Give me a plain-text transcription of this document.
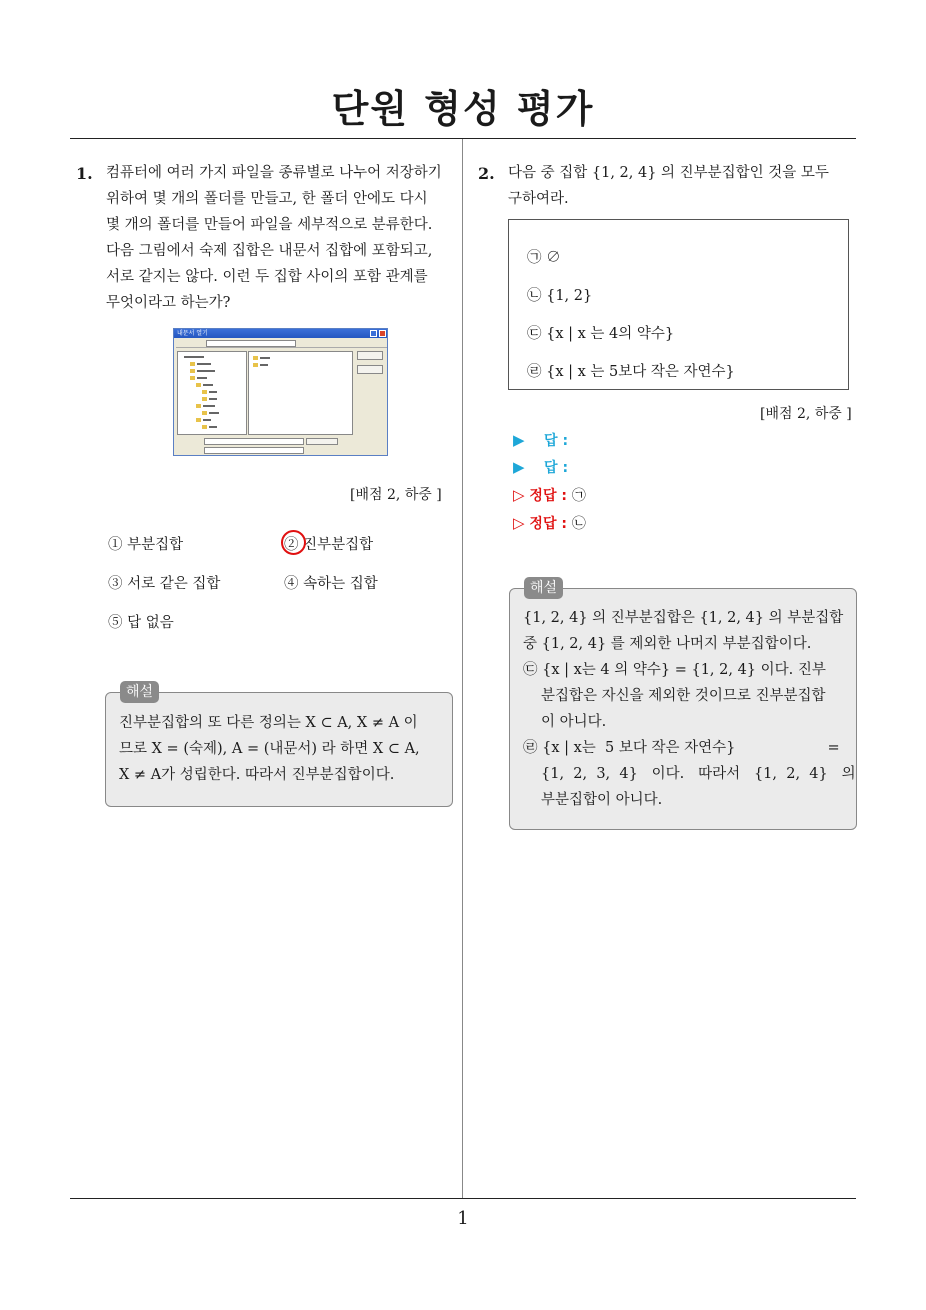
단원 형성 평가
1
1. 컴퓨터에 여러 가지 파일을 종류별로 나누어 저장하기
위하여 몇 개의 폴더를 만들고, 한 폴더 안에도 다시
몇 개의 폴더를 만들어 파일을 세부적으로 분류한다.
다음 그림에서 숙제 집합은 내문서 집합에 포함되고,
서로 같지는 않다. 이런 두 집합 사이의 포함 관계를
무엇이라고 하는가?
내문서 열기
[배점 2, 하중 ]
① 부분집합	② 진부분집합
③ 서로 같은 집합	④ 속하는 집합
⑤ 답 없음
해설
진부분집합의 또 다른 정의는 X ⊂ A, X ≠ A 이
므로 X = (숙제), A = (내문서) 라 하면 X ⊂ A,
X ≠ A가 성립한다. 따라서 진부분집합이다.
2. 다음 중 집합 {1, 2, 4} 의 진부분집합인 것을 모두
구하여라.
㉠ ∅
㉡ {1, 2}
㉢ {x | x 는 4의 약수}
㉣ {x | x 는 5보다 작은 자연수}
[배점 2, 하중 ]
▶ 답 :
▶ 답 :
▷ 정답 : ㉠
▷ 정답 : ㉡
해설
{1, 2, 4} 의 진부분집합은 {1, 2, 4} 의 부분집합
중 {1, 2, 4} 를 제외한 나머지 부분집합이다.
㉢ {x | x는 4 의 약수} = {1, 2, 4} 이다. 진부
분집합은 자신을 제외한 것이므로 진부분집합
이 아니다.
㉣ {x | x는  5 보다 작은 자연수}                    =
{1,  2,  3,  4}   이다.   따라서   {1,  2,  4}   의
부분집합이 아니다.
